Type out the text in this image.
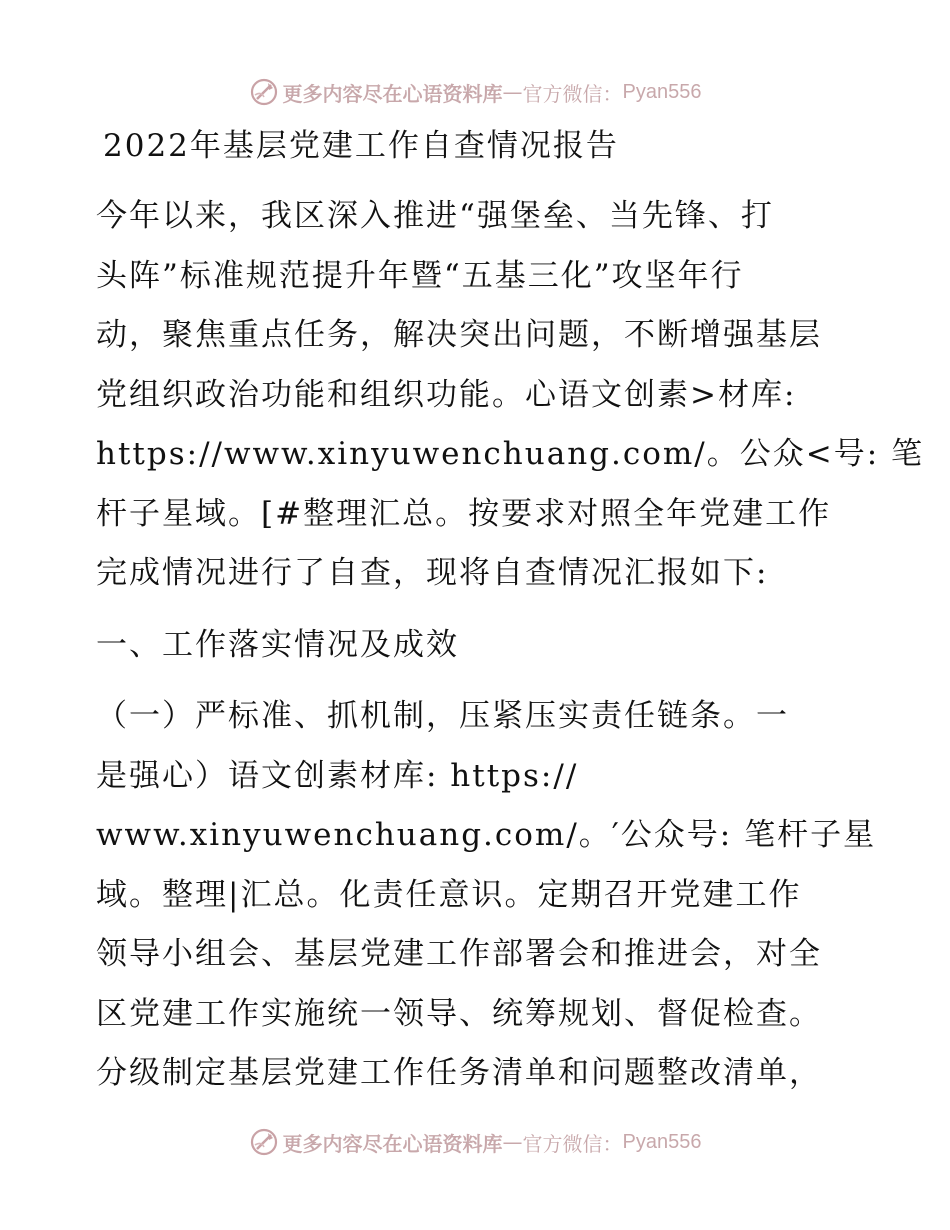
更多内容尽在心语资料库 — 官方微信： Pyan556
2022年基层党建工作自查情况报告
今年以来，我区深入推进“强堡垒、当先锋、打
头阵”标准规范提升年暨“五基三化”攻坚年行
动，聚焦重点任务，解决突出问题，不断增强基层
党组织政治功能和组织功能。心语文创素>材库:
https://www.xinyuwenchuang.com/。公众<号: 笔
杆子星域。[#整理汇总。按要求对照全年党建工作
完成情况进行了自查，现将自查情况汇报如下:
一、工作落实情况及成效
（一）严标准、抓机制，压紧压实责任链条。一
是强心）语文创素材库: https://
www.xinyuwenchuang.com/。′公众号: 笔杆子星
域。整理|汇总。化责任意识。定期召开党建工作
领导小组会、基层党建工作部署会和推进会，对全
区党建工作实施统一领导、统筹规划、督促检查。
分级制定基层党建工作任务清单和问题整改清单，
更多内容尽在心语资料库 — 官方微信： Pyan556
